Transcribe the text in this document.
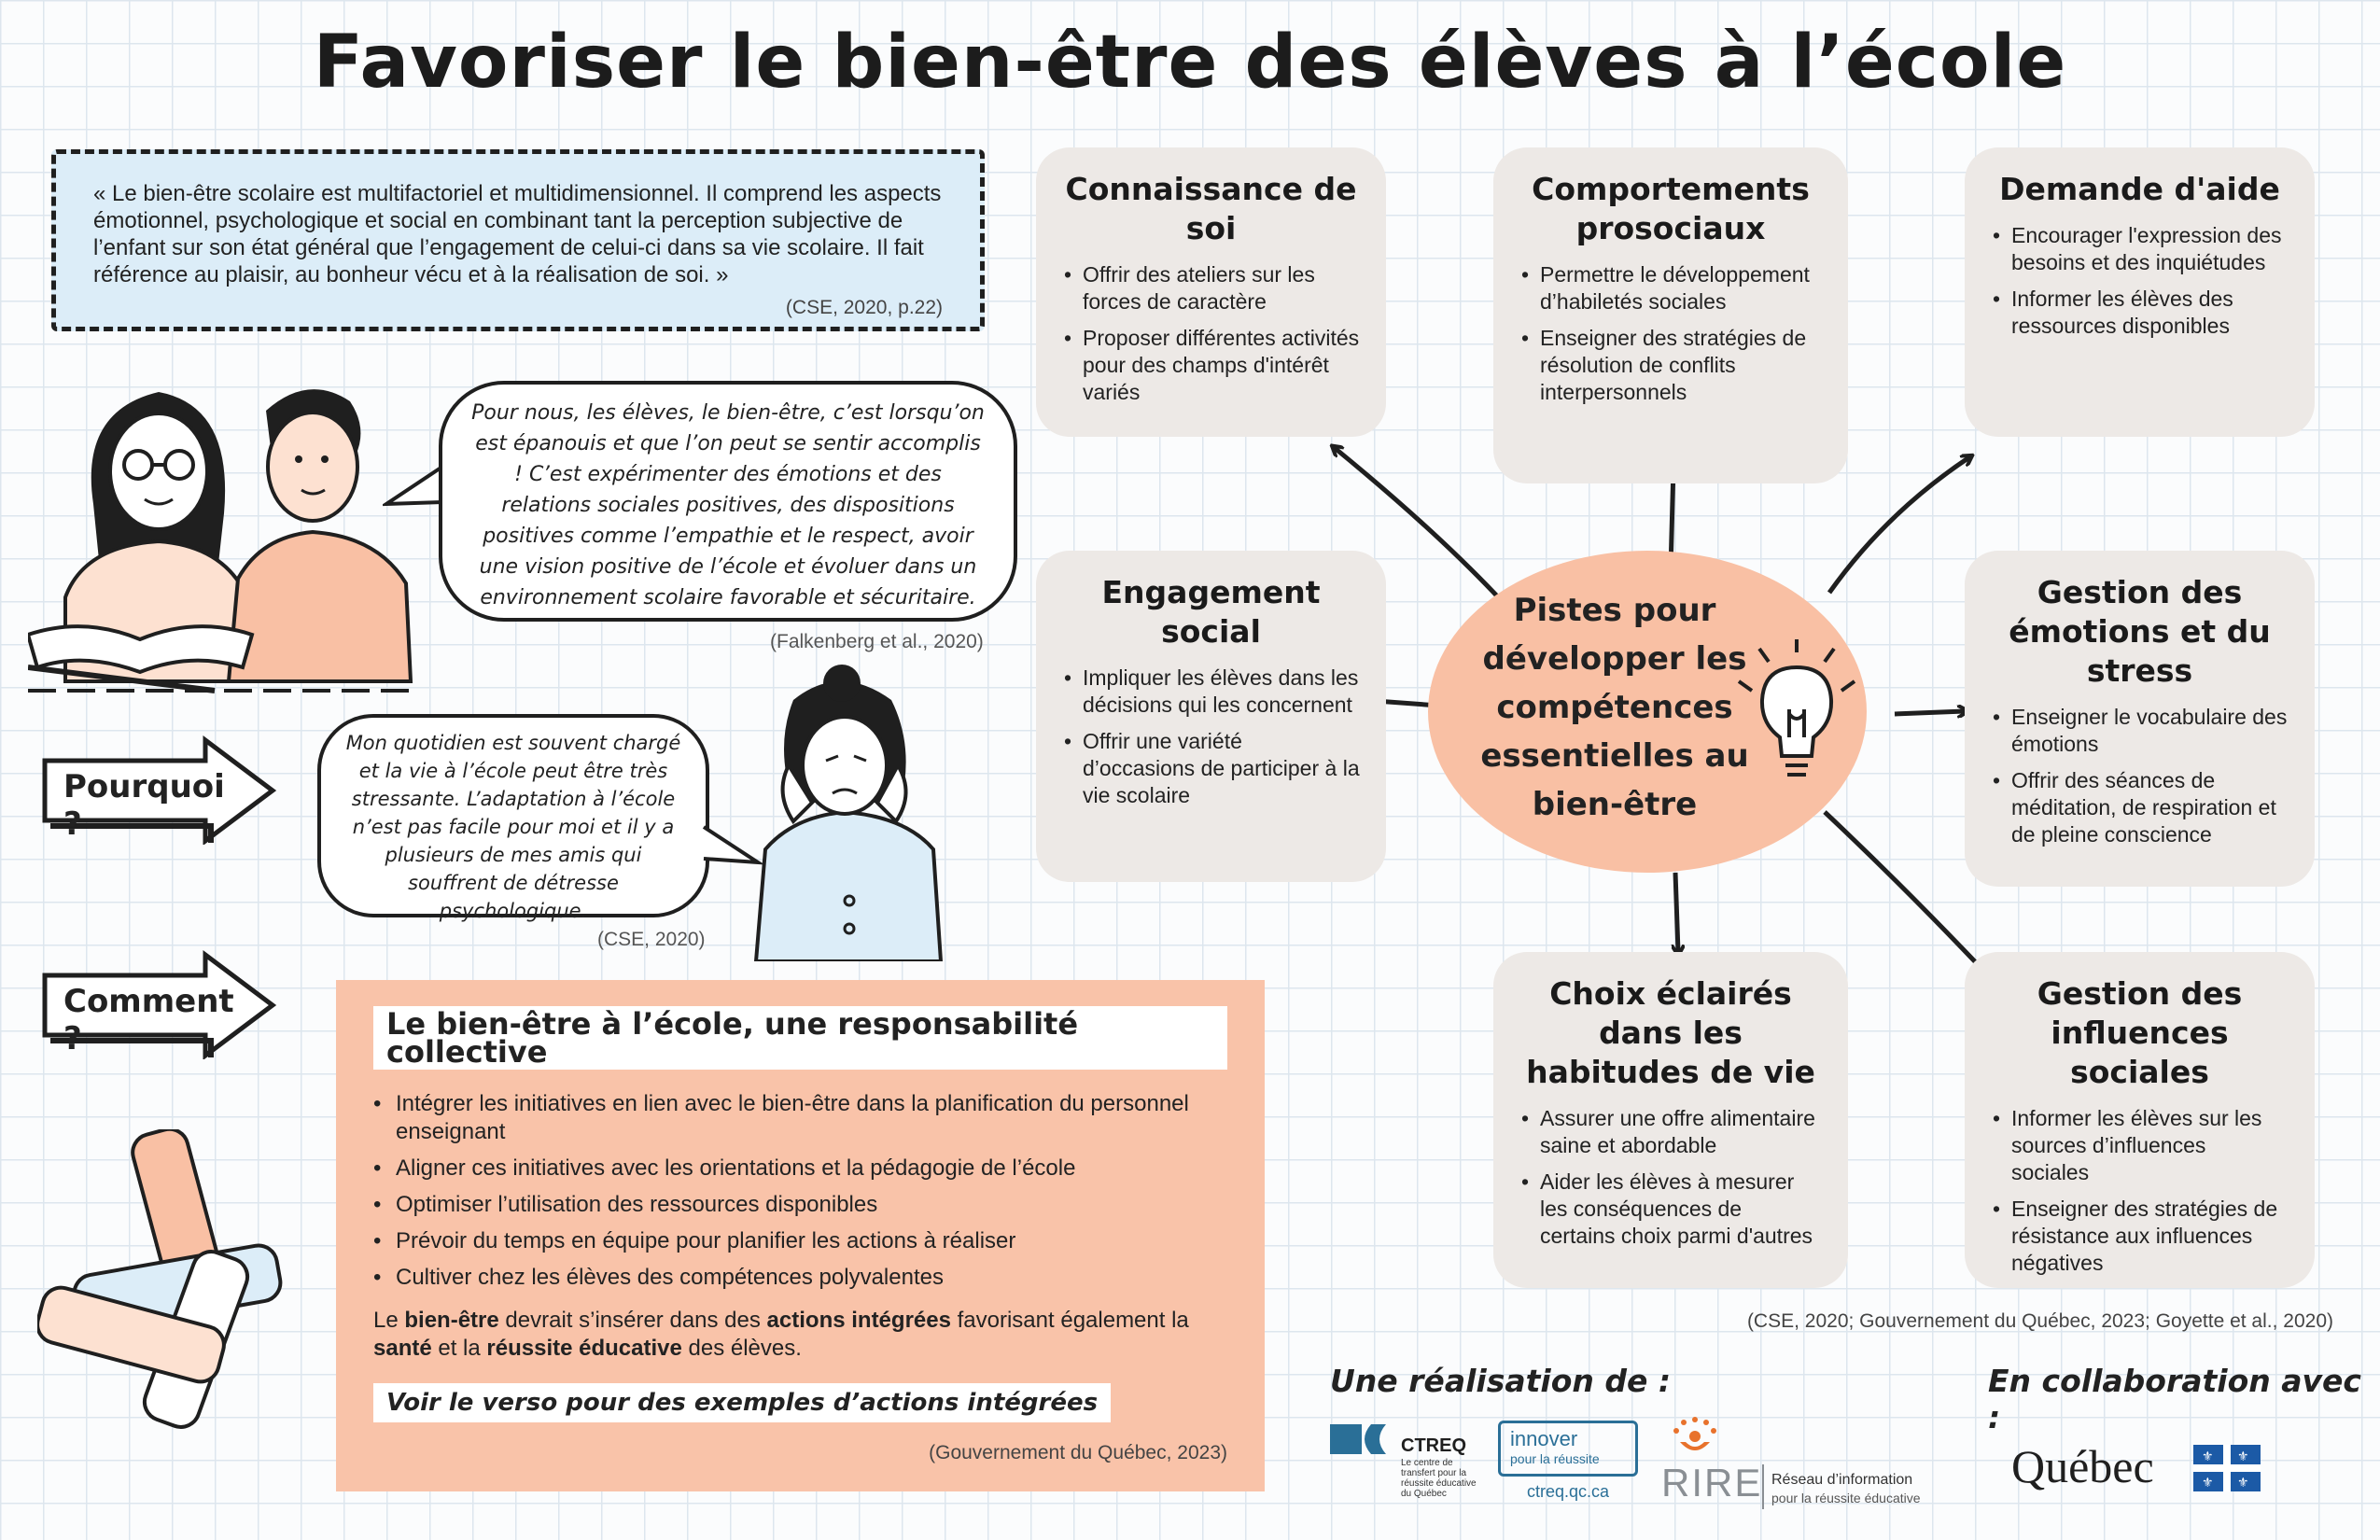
Favoriser le bien-être des élèves à l’école
« Le bien-être scolaire est multifactoriel et multidimensionnel. Il comprend les aspects émotionnel, psychologique et social en combinant tant la perception subjective de l’enfant sur son état général que l’engagement de celui-ci dans sa vie scolaire. Il fait référence au plaisir, au bonheur vécu et à la réalisation de soi. »
(CSE, 2020, p.22)
Pour nous, les élèves, le bien-être, c’est lorsqu’on est épanouis et que l’on peut se sentir accomplis ! C’est expérimenter des émotions et des relations sociales positives, des dispositions positives comme l’empathie et le respect, avoir une vision positive de l’école et évoluer dans un environnement scolaire favorable et sécuritaire.
(Falkenberg et al., 2020)
Pourquoi ?
Mon quotidien est souvent chargé et la vie à l’école peut être très stressante. L’adaptation à l’école n’est pas facile pour moi et il y a plusieurs de mes amis qui souffrent de détresse psychologique.
(CSE, 2020)
Comment ?	Le bien-être à l’école, une responsabilité collective
• Intégrer les initiatives en lien avec le bien-être dans la planification du personnel enseignant
• Aligner ces initiatives avec les orientations et la pédagogie de l’école
• Optimiser l’utilisation des ressources disponibles
• Prévoir du temps en équipe pour planifier les actions à réaliser
• Cultiver chez les élèves des compétences polyvalentes
Le bien-être devrait s’insérer dans des actions intégrées favorisant également la santé et la réussite éducative des élèves.
Voir le verso pour des exemples d’actions intégrées
(Gouvernement du Québec, 2023)
Pistes pour développer les compétences essentielles au bien-être
Connaissance de soi
• Offrir des ateliers sur les forces de caractère
• Proposer différentes activités pour des champs d'intérêt variés
Comportements prosociaux
• Permettre le développement d’habiletés sociales
• Enseigner des stratégies de résolution de conflits interpersonnels
Demande d'aide
• Encourager l'expression des besoins et des inquiétudes
• Informer les élèves des ressources disponibles
Engagement social
• Impliquer les élèves dans les décisions qui les concernent
• Offrir une variété d’occasions de participer à la vie scolaire
Gestion des émotions et du stress
• Enseigner le vocabulaire des émotions
• Offrir des séances de méditation, de respiration et de pleine conscience
Choix éclairés dans les habitudes de vie
• Assurer une offre alimentaire saine et abordable
• Aider les élèves à mesurer les conséquences de certains choix parmi d'autres
Gestion des influences sociales
• Informer les élèves sur les sources d’influences sociales
• Enseigner des stratégies de résistance aux influences négatives
(CSE, 2020; Gouvernement du Québec, 2023; Goyette et al., 2020)
Une réalisation de :	En collaboration avec :
CTREQ
Le centre de transfert pour la réussite éducative du Québec
innover
pour la réussite
ctreq.qc.ca	RIRE Réseau d’information
pour la réussite éducative
Québec	⚜ ⚜
⚜ ⚜
